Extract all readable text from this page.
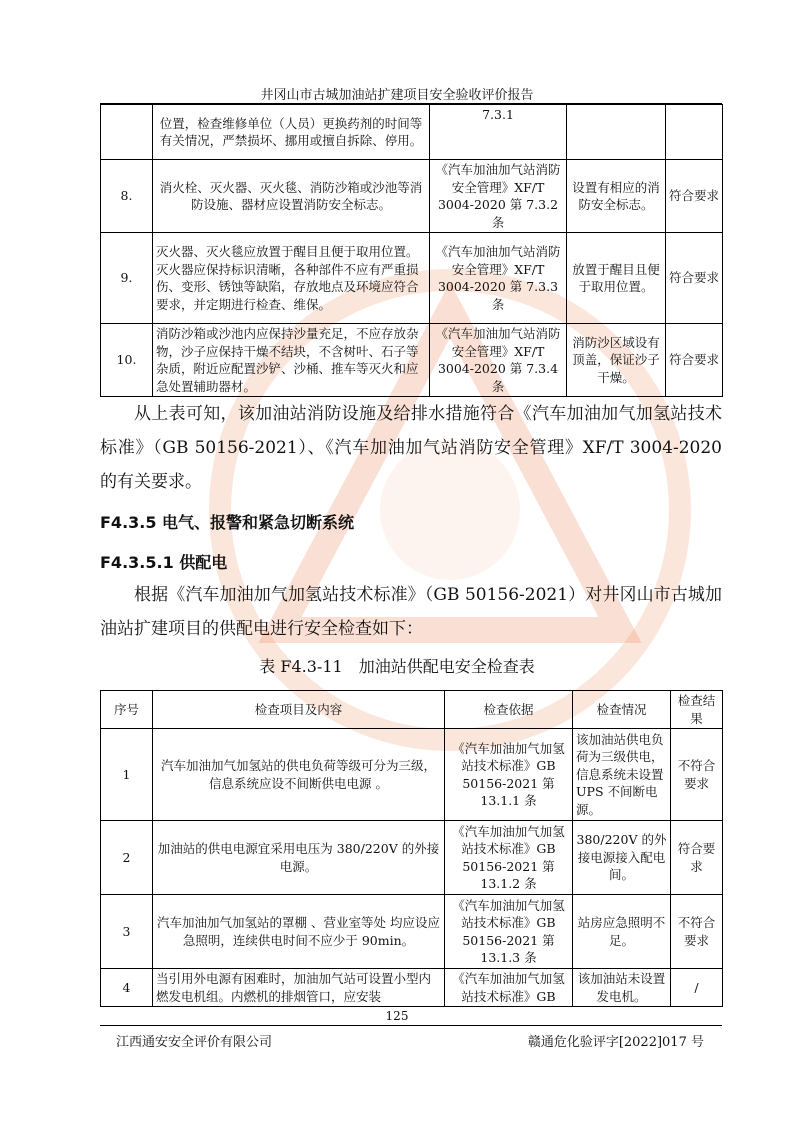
井冈山市古城加油站扩建项目安全验收评价报告
	位置，检查维修单位（人员）更换药剂的时间等有关情况，严禁损坏、挪用或擅自拆除、停用。	7.3.1		
8.	消火栓、灭火器、灭火毯、消防沙箱或沙池等消防设施、器材应设置消防安全标志。	《汽车加油加气站消防安全管理》XF/T 3004-2020 第 7.3.2 条	设置有相应的消防安全标志。	符合要求
9.	灭火器、灭火毯应放置于醒目且便于取用位置。灭火器应保持标识清晰，各种部件不应有严重损伤、变形、锈蚀等缺陷，存放地点及环境应符合要求，并定期进行检查、维保。	《汽车加油加气站消防安全管理》XF/T 3004-2020 第 7.3.3 条	放置于醒目且便于取用位置。	符合要求
10.	消防沙箱或沙池内应保持沙量充足，不应存放杂物，沙子应保持干燥不结块，不含树叶、石子等杂质，附近应配置沙铲、沙桶、推车等灭火和应急处置辅助器材。	《汽车加油加气站消防安全管理》XF/T 3004-2020 第 7.3.4 条	消防沙区域设有顶盖，保证沙子干燥。	符合要求
从上表可知，该加油站消防设施及给排水措施符合《汽车加油加气加氢站技术标准》（GB 50156-2021）、《汽车加油加气站消防安全管理》XF/T 3004-2020 的有关要求。
F4.3.5 电气、报警和紧急切断系统
F4.3.5.1 供配电
根据《汽车加油加气加氢站技术标准》（GB 50156-2021）对井冈山市古城加油站扩建项目的供配电进行安全检查如下：
表 F4.3-11　加油站供配电安全检查表
序号	检查项目及内容	检查依据	检查情况	检查结果
1	汽车加油加气加氢站的供电负荷等级可分为三级，信息系统应设不间断供电电源 。	《汽车加油加气加氢站技术标准》GB 50156-2021 第 13.1.1 条	该加油站供电负荷为三级供电，信息系统未设置 UPS 不间断电源。	不符合要求
2	加油站的供电电源宜采用电压为 380/220V 的外接电源。	《汽车加油加气加氢站技术标准》GB 50156-2021 第 13.1.2 条	380/220V 的外接电源接入配电间。	符合要求
3	汽车加油加气加氢站的罩棚 、营业室等处 均应设应急照明，连续供电时间不应少于 90min。	《汽车加油加气加氢站技术标准》GB 50156-2021 第 13.1.3 条	站房应急照明不足。	不符合要求
4	当引用外电源有困难时，加油加气站可设置小型内燃发电机组。内燃机的排烟管口，应安装	《汽车加油加气加氢站技术标准》GB	该加油站未设置发电机。	/
125
江西通安安全评价有限公司	赣通危化验评字[2022]017 号
